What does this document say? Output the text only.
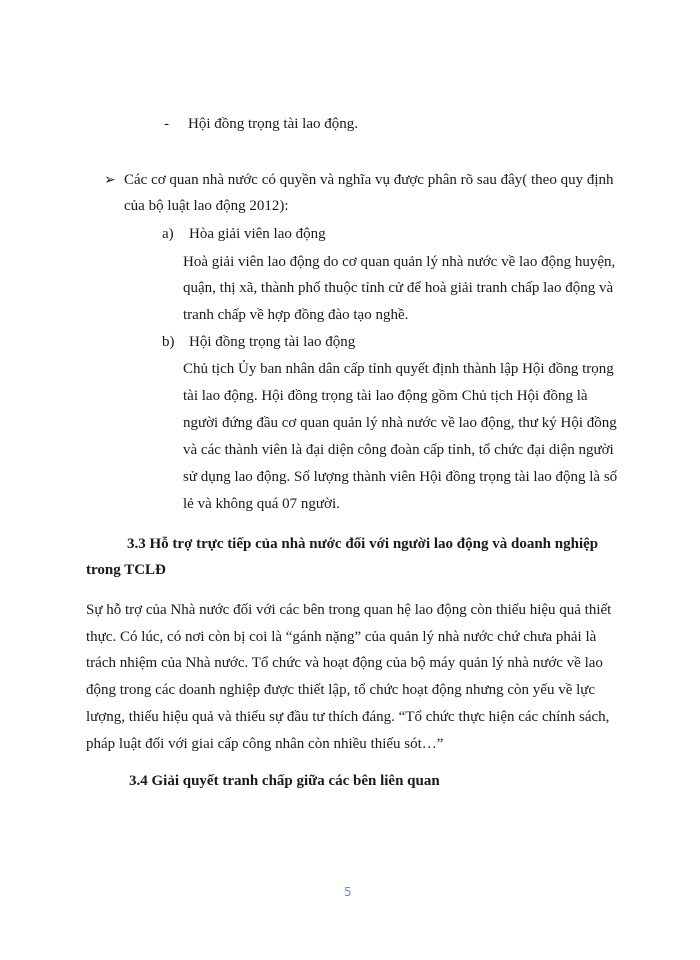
- Hội đồng trọng tài lao động.
➢ Các cơ quan nhà nước có quyền và nghĩa vụ được phân rõ sau đây( theo quy định
của bộ luật lao động 2012):
a) Hòa giải viên lao động
Hoà giải viên lao động do cơ quan quản lý nhà nước về lao động huyện,
quận, thị xã, thành phố thuộc tỉnh cử để hoà giải tranh chấp lao động và
tranh chấp về hợp đồng đào tạo nghề.
b) Hội đồng trọng tài lao động
Chủ tịch Ủy ban nhân dân cấp tỉnh quyết định thành lập Hội đồng trọng
tài lao động. Hội đồng trọng tài lao động gồm Chủ tịch Hội đồng là
người đứng đầu cơ quan quản lý nhà nước về lao động, thư ký Hội đồng
và các thành viên là đại diện công đoàn cấp tỉnh, tổ chức đại diện người
sử dụng lao động. Số lượng thành viên Hội đồng trọng tài lao động là số
lẻ và không quá 07 người.
3.3 Hỗ trợ trực tiếp của nhà nước đối với người lao động và doanh nghiệp
trong TCLĐ
Sự hỗ trợ của Nhà nước đối với các bên trong quan hệ lao động còn thiếu hiệu quả thiết
thực. Có lúc, có nơi còn bị coi là “gánh nặng” của quản lý nhà nước chứ chưa phải là
trách nhiệm của Nhà nước. Tổ chức và hoạt động của bộ máy quản lý nhà nước về lao
động trong các doanh nghiệp được thiết lập, tổ chức hoạt động nhưng còn yếu về lực
lượng, thiếu hiệu quả và thiếu sự đầu tư thích đáng. “Tổ chức thực hiện các chính sách,
pháp luật đối với giai cấp công nhân còn nhiều thiếu sót…”
3.4 Giải quyết tranh chấp giữa các bên liên quan
5
